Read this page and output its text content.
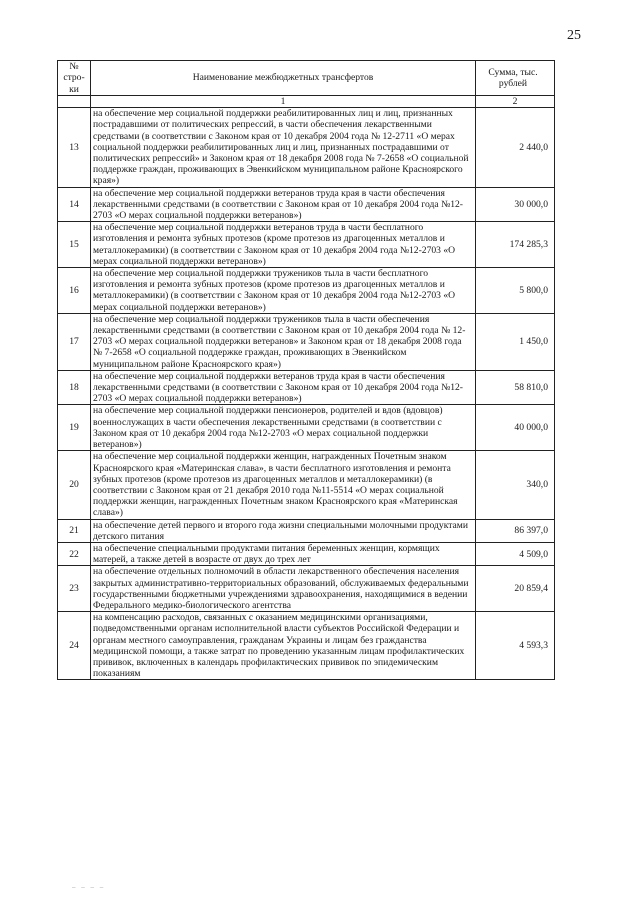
25
№ стро-ки	Наименование межбюджетных трансфертов	Сумма, тыс. рублей
	1	2
13	на обеспечение мер социальной поддержки реабилитированных лиц и лиц, признанных пострадавшими от политических репрессий, в части обеспечения лекарственными средствами (в соответствии с Законом края от 10 декабря 2004 года № 12-2711 «О мерах социальной поддержки реабилитированных лиц и лиц, признанных пострадавшими от политических репрессий» и Законом края от 18 декабря 2008 года № 7-2658 «О социальной поддержке граждан, проживающих в Эвенкийском муниципальном районе Красноярского края»)	2 440,0
14	на обеспечение мер социальной поддержки ветеранов труда края в части обеспечения лекарственными средствами (в соответствии с Законом края от 10 декабря 2004 года №12-2703 «О мерах социальной поддержки ветеранов»)	30 000,0
15	на обеспечение мер социальной поддержки ветеранов труда в части бесплатного изготовления и ремонта зубных протезов (кроме протезов из драгоценных металлов и металлокерамики) (в соответствии с Законом края от 10 декабря 2004 года №12-2703 «О мерах социальной поддержки ветеранов»)	174 285,3
16	на обеспечение мер социальной поддержки тружеников тыла в части бесплатного изготовления и ремонта зубных протезов (кроме протезов из драгоценных металлов и металлокерамики) (в соответствии с Законом края от 10 декабря 2004 года №12-2703 «О мерах социальной поддержки ветеранов»)	5 800,0
17	на обеспечение мер социальной поддержки тружеников тыла в части обеспечения лекарственными средствами (в соответствии с Законом края от 10 декабря 2004 года № 12-2703 «О мерах социальной поддержки ветеранов» и Законом края от 18 декабря 2008 года № 7-2658 «О социальной поддержке граждан, проживающих в Эвенкийском муниципальном районе Красноярского края»)	1 450,0
18	на обеспечение мер социальной поддержки ветеранов труда края в части обеспечения лекарственными средствами (в соответствии с Законом края от 10 декабря 2004 года №12-2703 «О мерах социальной поддержки ветеранов»)	58 810,0
19	на обеспечение мер социальной поддержки пенсионеров, родителей и вдов (вдовцов) военнослужащих в части обеспечения лекарственными средствами (в соответствии с Законом края от 10 декабря 2004 года №12-2703 «О мерах социальной поддержки ветеранов»)	40 000,0
20	на обеспечение мер социальной поддержки женщин, награжденных Почетным знаком Красноярского края «Материнская слава», в части бесплатного изготовления и ремонта зубных протезов (кроме протезов из драгоценных металлов и металлокерамики) (в соответствии с Законом края от 21 декабря 2010 года №11-5514 «О мерах социальной поддержки женщин, награжденных Почетным знаком Красноярского края «Материнская слава»)	340,0
21	на обеспечение детей первого и второго года жизни специальными молочными продуктами детского питания	86 397,0
22	на обеспечение специальными продуктами питания беременных женщин, кормящих матерей, а также детей в возрасте от двух до трех лет	4 509,0
23	на обеспечение отдельных полномочий в области лекарственного обеспечения населения закрытых административно-территориальных образований, обслуживаемых федеральными государственными бюджетными учреждениями здравоохранения, находящимися в ведении Федерального медико-биологического агентства	20 859,4
24	на компенсацию расходов, связанных с оказанием медицинскими организациями, подведомственными органам исполнительной власти субъектов Российской Федерации и органам местного самоуправления, гражданам Украины и лицам без гражданства медицинской помощи, а также затрат по проведению указанным лицам профилактических прививок, включенных в календарь профилактических прививок по эпидемическим показаниям	4 593,3
– – – –
